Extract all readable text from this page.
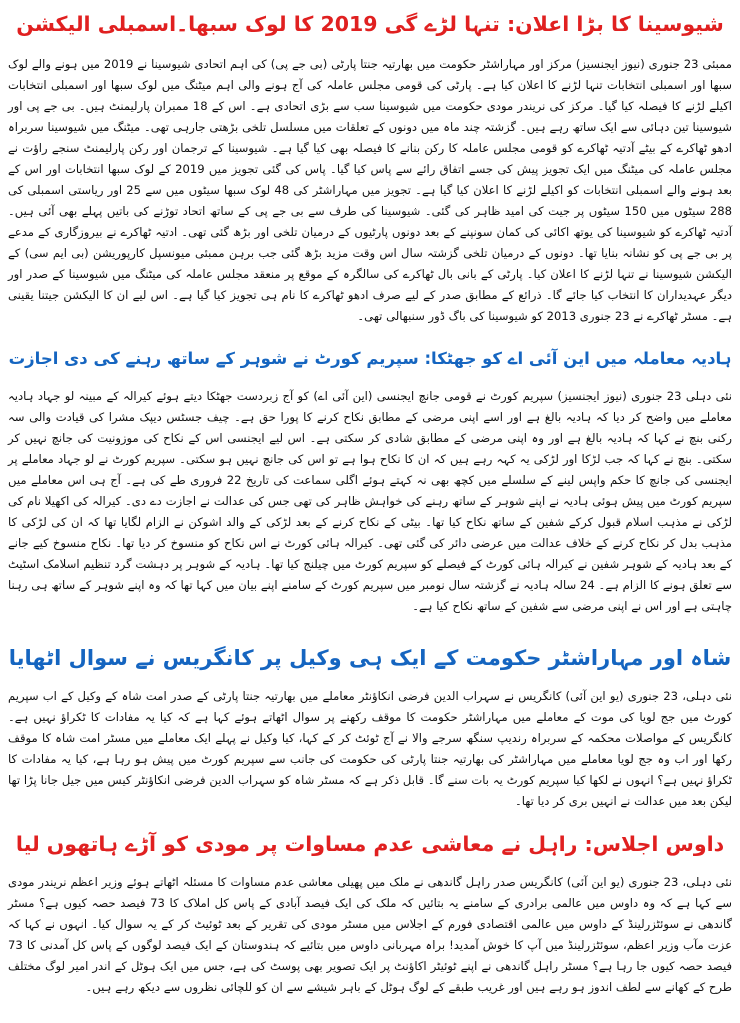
شیوسینا کا بڑا اعلان: تنہا لڑے گی 2019 کا لوک سبھا۔اسمبلی الیکشن

ممبئی 23 جنوری (نیوز ایجنسیز) مرکز اور مہاراشٹر حکومت میں بھارتیہ جنتا پارٹی (بی جے پی) کی اہم اتحادی شیوسینا نے 2019 میں ہونے والے لوک سبھا اور اسمبلی انتخابات تنہا لڑنے کا اعلان کیا ہے۔ پارٹی کی قومی مجلس عاملہ کی آج ہونے والی اہم میٹنگ میں لوک سبھا اور اسمبلی انتخابات اکیلے لڑنے کا فیصلہ کیا گیا۔ مرکز کی نریندر مودی حکومت میں شیوسینا سب سے بڑی اتحادی ہے۔ اس کے 18 ممبران پارلیمنٹ ہیں۔ بی جے پی اور شیوسینا تین دہائی سے ایک ساتھ رہے ہیں۔ گزشتہ چند ماہ میں دونوں کے تعلقات میں مسلسل تلخی بڑھتی جارہی تھی۔ میٹنگ میں شیوسینا سربراہ ادھو ٹھاکرے کے بیٹے آدتیہ ٹھاکرے کو قومی مجلس عاملہ کا رکن بنانے کا فیصلہ بھی کیا گیا ہے۔ شیوسینا کے ترجمان اور رکن پارلیمنٹ سنجے راؤت نے مجلس عاملہ کی میٹنگ میں ایک تجویز پیش کی جسے اتفاق رائے سے پاس کیا گیا۔ پاس کی گئی تجویز میں 2019 کے لوک سبھا انتخابات اور اس کے بعد ہونے والے اسمبلی انتخابات کو اکیلے لڑنے کا اعلان کیا گیا ہے۔ تجویز میں مہاراشٹر کی 48 لوک سبھا سیٹوں میں سے 25 اور ریاستی اسمبلی کی 288 سیٹوں میں 150 سیٹوں پر جیت کی امید ظاہر کی گئی۔ شیوسینا کی طرف سے بی جے پی کے ساتھ اتحاد توڑنے کی باتیں پہلے بھی آئی ہیں۔ آدتیہ ٹھاکرے کو شیوسینا کی یوتھ اکائی کی کمان سونپنے کے بعد دونوں پارٹیوں کے درمیان تلخی اور بڑھ گئی تھی۔ ادتیہ ٹھاکرے نے بیروزگاری کے مدعے پر بی جے پی کو نشانہ بنایا تھا۔ دونوں کے درمیان تلخی گزشتہ سال اس وقت مزید بڑھ گئی جب برہن ممبئی میونسپل کارپوریشن (بی ایم سی) کے الیکشن شیوسینا نے تنہا لڑنے کا اعلان کیا۔ پارٹی کے بانی بال ٹھاکرے کی سالگرہ کے موقع پر منعقد مجلس عاملہ کی میٹنگ میں شیوسینا کے صدر اور دیگر عہدیداران کا انتخاب کیا جائے گا۔ ذرائع کے مطابق صدر کے لیے صرف ادھو ٹھاکرے کا نام ہی تجویز کیا گیا ہے۔ اس لیے ان کا الیکشن جیتنا یقینی ہے۔ مسٹر ٹھاکرے نے 23 جنوری 2013 کو شیوسینا کی باگ ڈور سنبھالی تھی۔

ہادیہ معاملہ میں این آئی اے کو جھٹکا: سپریم کورٹ نے شوہر کے ساتھ رہنے کی دی اجازت

نئی دہلی 23 جنوری (نیوز ایجنسیز) سپریم کورٹ نے قومی جانچ ایجنسی (این آئی اے) کو آج زبردست جھٹکا دیتے ہوئے کیرالہ کے مبینہ لو جہاد ہادیہ معاملے میں واضح کر دیا کہ ہادیہ بالغ ہے اور اسے اپنی مرضی کے مطابق نکاح کرنے کا پورا حق ہے۔ چیف جسٹس دیپک مشرا کی قیادت والی سہ رکنی بنچ نے کہا کہ ہادیہ بالغ ہے اور وہ اپنی مرضی کے مطابق شادی کر سکتی ہے۔ اس لیے ایجنسی اس کے نکاح کی موزونیت کی جانچ نہیں کر سکتی۔ بنچ نے کہا کہ جب لڑکا اور لڑکی یہ کہہ رہے ہیں کہ ان کا نکاح ہوا ہے تو اس کی جانچ نہیں ہو سکتی۔ سپریم کورٹ نے لو جہاد معاملے پر ایجنسی کی جانچ کا حکم واپس لینے کے سلسلے میں کچھ بھی نہ کہتے ہوئے اگلی سماعت کی تاریخ 22 فروری طے کی ہے۔ آج ہی اس معاملے میں سپریم کورٹ میں پیش ہوئی ہادیہ نے اپنے شوہر کے ساتھ رہنے کی خواہش ظاہر کی تھی جس کی عدالت نے اجازت دے دی۔ کیرالہ کی اکھیلا نام کی لڑکی نے مذہب اسلام قبول کرکے شفین کے ساتھ نکاح کیا تھا۔ بیٹی کے نکاح کرنے کے بعد لڑکی کے والد اشوکن نے الزام لگایا تھا کہ ان کی لڑکی کا مذہب بدل کر نکاح کرنے کے خلاف عدالت میں عرضی دائر کی گئی تھی۔ کیرالہ ہائی کورٹ نے اس نکاح کو منسوخ کر دیا تھا۔ نکاح منسوخ کیے جانے کے بعد ہادیہ کے شوہر شفین نے کیرالہ ہائی کورٹ کے فیصلے کو سپریم کورٹ میں چیلنج کیا تھا۔ ہادیہ کے شوہر پر دہشت گرد تنظیم اسلامک اسٹیٹ سے تعلق ہونے کا الزام ہے۔ 24 سالہ ہادیہ نے گزشتہ سال نومبر میں سپریم کورٹ کے سامنے اپنے بیان میں کہا تھا کہ وہ اپنے شوہر کے ساتھ ہی رہنا چاہتی ہے اور اس نے اپنی مرضی سے شفین کے ساتھ نکاح کیا ہے۔

شاہ اور مہاراشٹر حکومت کے ایک ہی وکیل پر کانگریس نے سوال اٹھایا

نئی دہلی، 23 جنوری (یو این آئی) کانگریس نے سہراب الدین فرضی انکاؤنٹر معاملے میں بھارتیہ جنتا پارٹی کے صدر امت شاہ کے وکیل کے اب سپریم کورٹ میں جج لویا کی موت کے معاملے میں مہاراشٹر حکومت کا موقف رکھنے پر سوال اٹھاتے ہوئے کہا ہے کہ کیا یہ مفادات کا ٹکراؤ نہیں ہے۔ کانگریس کے مواصلات محکمہ کے سربراہ رندیپ سنگھ سرجے والا نے آج ٹوئٹ کر کے کہا، کیا وکیل نے پہلے ایک معاملے میں مسٹر امت شاہ کا موقف رکھا اور اب وہ جج لویا معاملے میں مہاراشٹر کی بھارتیہ جنتا پارٹی کی حکومت کی جانب سے سپریم کورٹ میں پیش ہو رہا ہے، کیا یہ مفادات کا ٹکراؤ نہیں ہے؟ انہوں نے لکھا کیا سپریم کورٹ یہ بات سنے گا۔ قابل ذکر ہے کہ مسٹر شاہ کو سہراب الدین فرضی انکاؤنٹر کیس میں جیل جانا پڑا تھا لیکن بعد میں عدالت نے انہیں بری کر دیا تھا۔

داوس اجلاس: راہل نے معاشی عدم مساوات پر مودی کو آڑے ہاتھوں لیا

نئی دہلی، 23 جنوری (یو این آئی) کانگریس صدر راہل گاندھی نے ملک میں پھیلی معاشی عدم مساوات کا مسئلہ اٹھاتے ہوئے وزیر اعظم نریندر مودی سے کہا ہے کہ وہ داوس میں عالمی برادری کے سامنے یہ بتائیں کہ ملک کی ایک فیصد آبادی کے پاس کل املاک کا 73 فیصد حصہ کیوں ہے؟ مسٹر گاندھی نے سوئٹزرلینڈ کے داوس میں عالمی اقتصادی فورم کے اجلاس میں مسٹر مودی کی تقریر کے بعد ٹوئیٹ کر کے یہ سوال کیا۔ انہوں نے کہا کہ عزت مآب وزیر اعظم، سوئٹزرلینڈ میں آپ کا خوش آمدید! براہ مہربانی داوس میں بتائیے کہ ہندوستان کے ایک فیصد لوگوں کے پاس کل آمدنی کا 73 فیصد حصہ کیوں جا رہا ہے؟ مسٹر راہل گاندھی نے اپنے ٹوئیٹر اکاؤنٹ پر ایک تصویر بھی پوسٹ کی ہے، جس میں ایک ہوٹل کے اندر امیر لوگ مختلف طرح کے کھانے سے لطف اندوز ہو رہے ہیں اور غریب طبقے کے لوگ ہوٹل کے باہر شیشے سے ان کو للچائی نظروں سے دیکھ رہے ہیں۔
